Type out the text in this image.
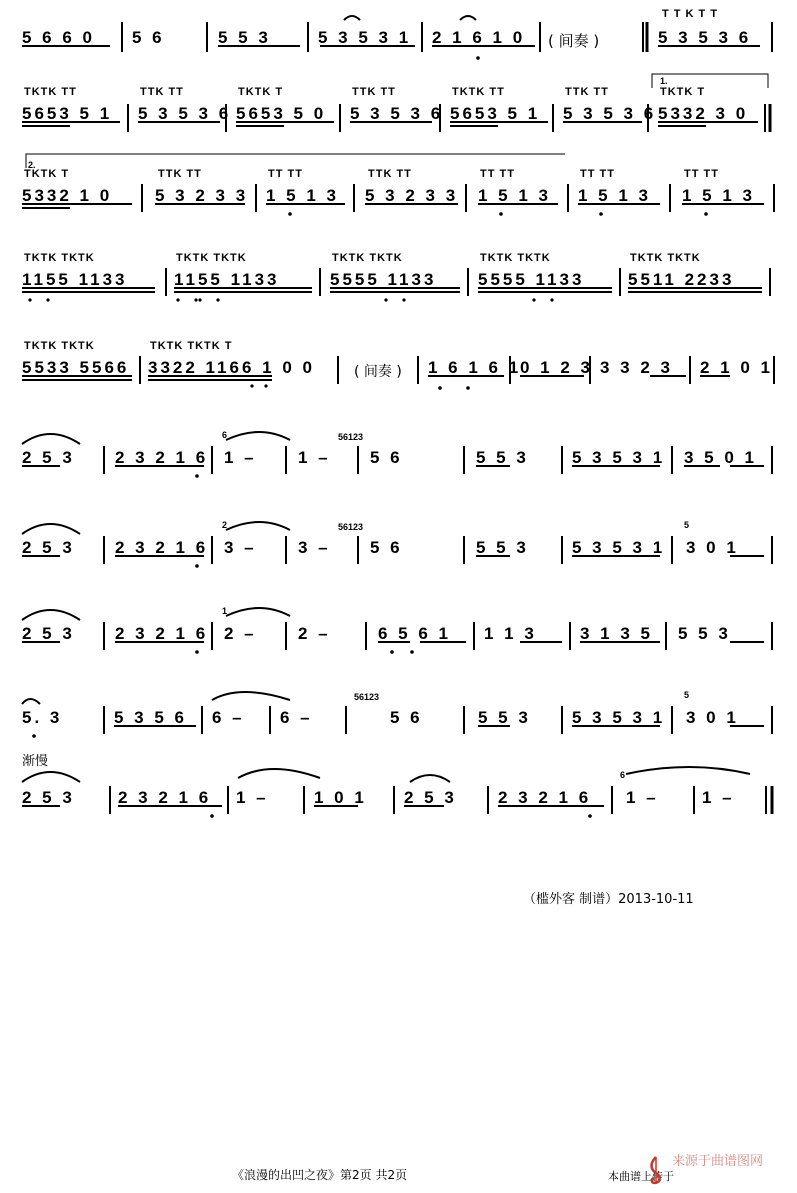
5 6 6 0 5 6	5 5 3	5 3 5 3 1 2 1 6 1 0 ( 间奏 )
T T K T T
5 3 5 3 6
TKTK TT	TTK TT	TKTK T	TTK TT	TKTK TT	TTK TT	TKTK T
5653 5 1 5 3 5 3 6 5653 5 0 5 3 5 3 6 5653 5 1 5 3 5 3 6 5332 3 0
1.
2.
TKTK T	TTK TT	TT TT	TTK TT	TT TT	TT TT	TT TT
5332 1 0	5 3 2 3 3 1 5 1 3 5 3 2 3 3 1 5 1 3 1 5 1 3 1 5 1 3
TKTK TKTK	TKTK TKTK	TKTK TKTK	TKTK TKTK	TKTK TKTK
1155 1133	1155 1133	5555 1133 5555 1133	5511 2233
TKTK TKTK	TKTK TKTK T
5533 5566 3322 1166 1 0 0	( 间奏 ) 1 6 1 6 1
0 1 2 3 3 3 2 3 2 1 0 1
2 5 3 2 3 2 1 6
6
1 – 1 –
56123
5 6	5 5 3	5 3 5 3 1 3 5 0 1
2 5 3 2 3 2 1 6
2
3 – 3 –
56123
5 6	5 5 3	5 3 5 3 1
5
3 0 1
2 5 3 2 3 2 1 6
1
2 – 2 –	6 5 6 1 1 1 3	3 1 3 5 5 5 3
5. 3	5 3 5 6 6 – 6 –
56123
5 6	5 5 3 5 3 5 3 1
5
3 0 1
渐慢
2 5 3	2 3 2 1 6 1 –	1 0 1 2 5 3 2 3 2 1 6
6
1 –	1 –
（槛外客 制谱）2013-10-11
《浪漫的出凹之夜》第2页 共2页	本曲谱上传于
来源于曲谱图网
